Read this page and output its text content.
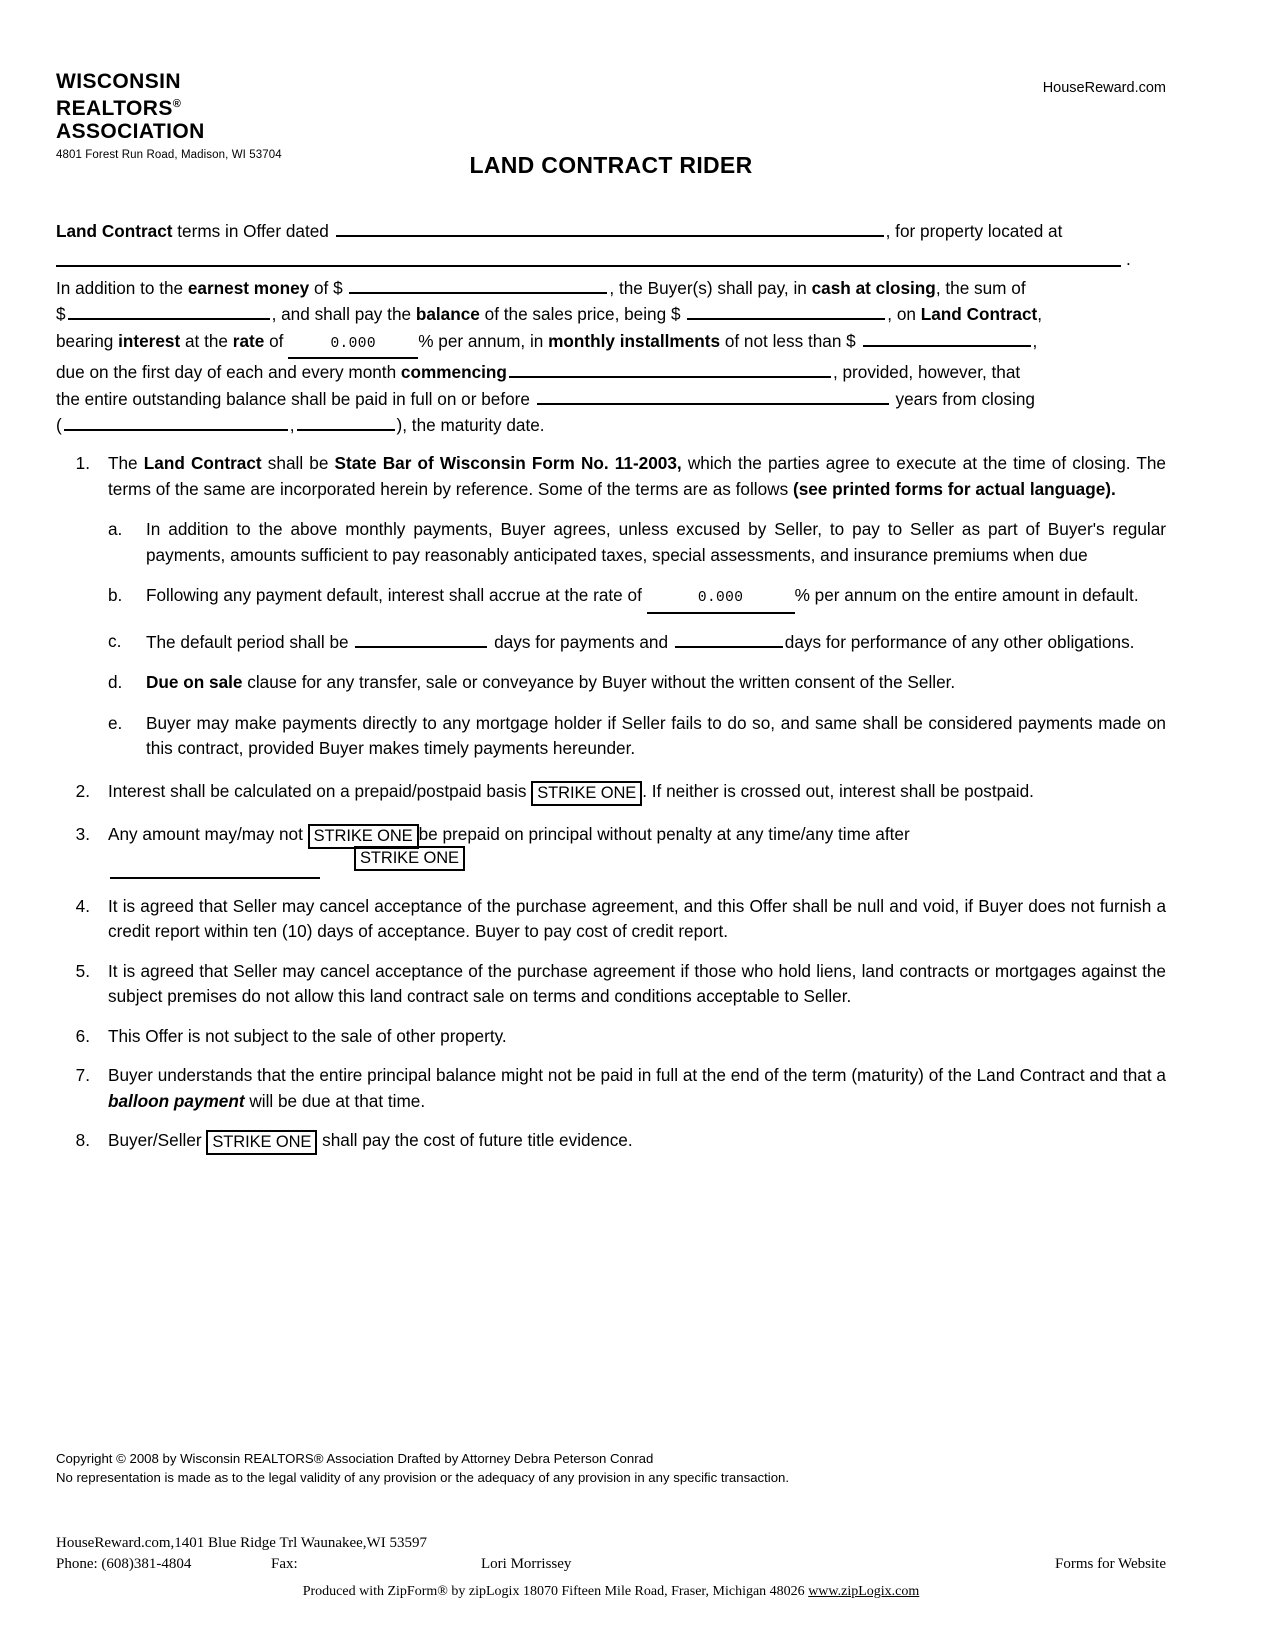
WISCONSIN
REALTORS®
ASSOCIATION
4801 Forest Run Road, Madison, WI 53704
HouseReward.com
LAND CONTRACT RIDER
Land Contract terms in Offer dated	, for property located at
.
In addition to the earnest money of $	, the Buyer(s) shall pay, in cash at closing, the sum of
$	, and shall pay the balance of the sales price, being $	, on Land Contract,
bearing interest at the rate of	0.000 % per annum, in monthly installments of not less than $	,
due on the first day of each and every month commencing	, provided, however, that
the entire outstanding balance shall be paid in full on or before	years from closing
(	,	), the maturity date.
1.	The Land Contract shall be State Bar of Wisconsin Form No. 11-2003, which the parties agree to execute at the time of closing. The terms of the same are incorporated herein by reference. Some of the terms are as follows (see printed forms for actual language).
a.	In addition to the above monthly payments, Buyer agrees, unless excused by Seller, to pay to Seller as part of Buyer's regular payments, amounts sufficient to pay reasonably anticipated taxes, special assessments, and insurance premiums when due
b.	Following any payment default, interest shall accrue at the rate of	0.000	% per annum on the entire amount in default.
c.	The default period shall be	days for payments and	days for performance of any other obligations.
d.	Due on sale clause for any transfer, sale or conveyance by Buyer without the written consent of the Seller.
e.	Buyer may make payments directly to any mortgage holder if Seller fails to do so, and same shall be considered payments made on this contract, provided Buyer makes timely payments hereunder.
2.	Interest shall be calculated on a prepaid/postpaid basis STRIKE ONE . If neither is crossed out, interest shall be postpaid.
3.	Any amount may/may not STRIKE ONE be prepaid on principal without penalty at any time/any time after
STRIKE ONE
4.	It is agreed that Seller may cancel acceptance of the purchase agreement, and this Offer shall be null and void, if Buyer does not furnish a credit report within ten (10) days of acceptance. Buyer to pay cost of credit report.
5.	It is agreed that Seller may cancel acceptance of the purchase agreement if those who hold liens, land contracts or mortgages against the subject premises do not allow this land contract sale on terms and conditions acceptable to Seller.
6.	This Offer is not subject to the sale of other property.
7.	Buyer understands that the entire principal balance might not be paid in full at the end of the term (maturity) of the Land Contract and that a balloon payment will be due at that time.
8.	Buyer/Seller STRIKE ONE shall pay the cost of future title evidence.
Copyright © 2008 by Wisconsin REALTORS® Association Drafted by Attorney Debra Peterson Conrad
No representation is made as to the legal validity of any provision or the adequacy of any provision in any specific transaction.
HouseReward.com,1401 Blue Ridge Trl Waunakee,WI 53597
Phone: (608)381-4804	Fax:	Lori Morrissey	Forms for Website
Produced with ZipForm® by zipLogix 18070 Fifteen Mile Road, Fraser, Michigan 48026 www.zipLogix.com
